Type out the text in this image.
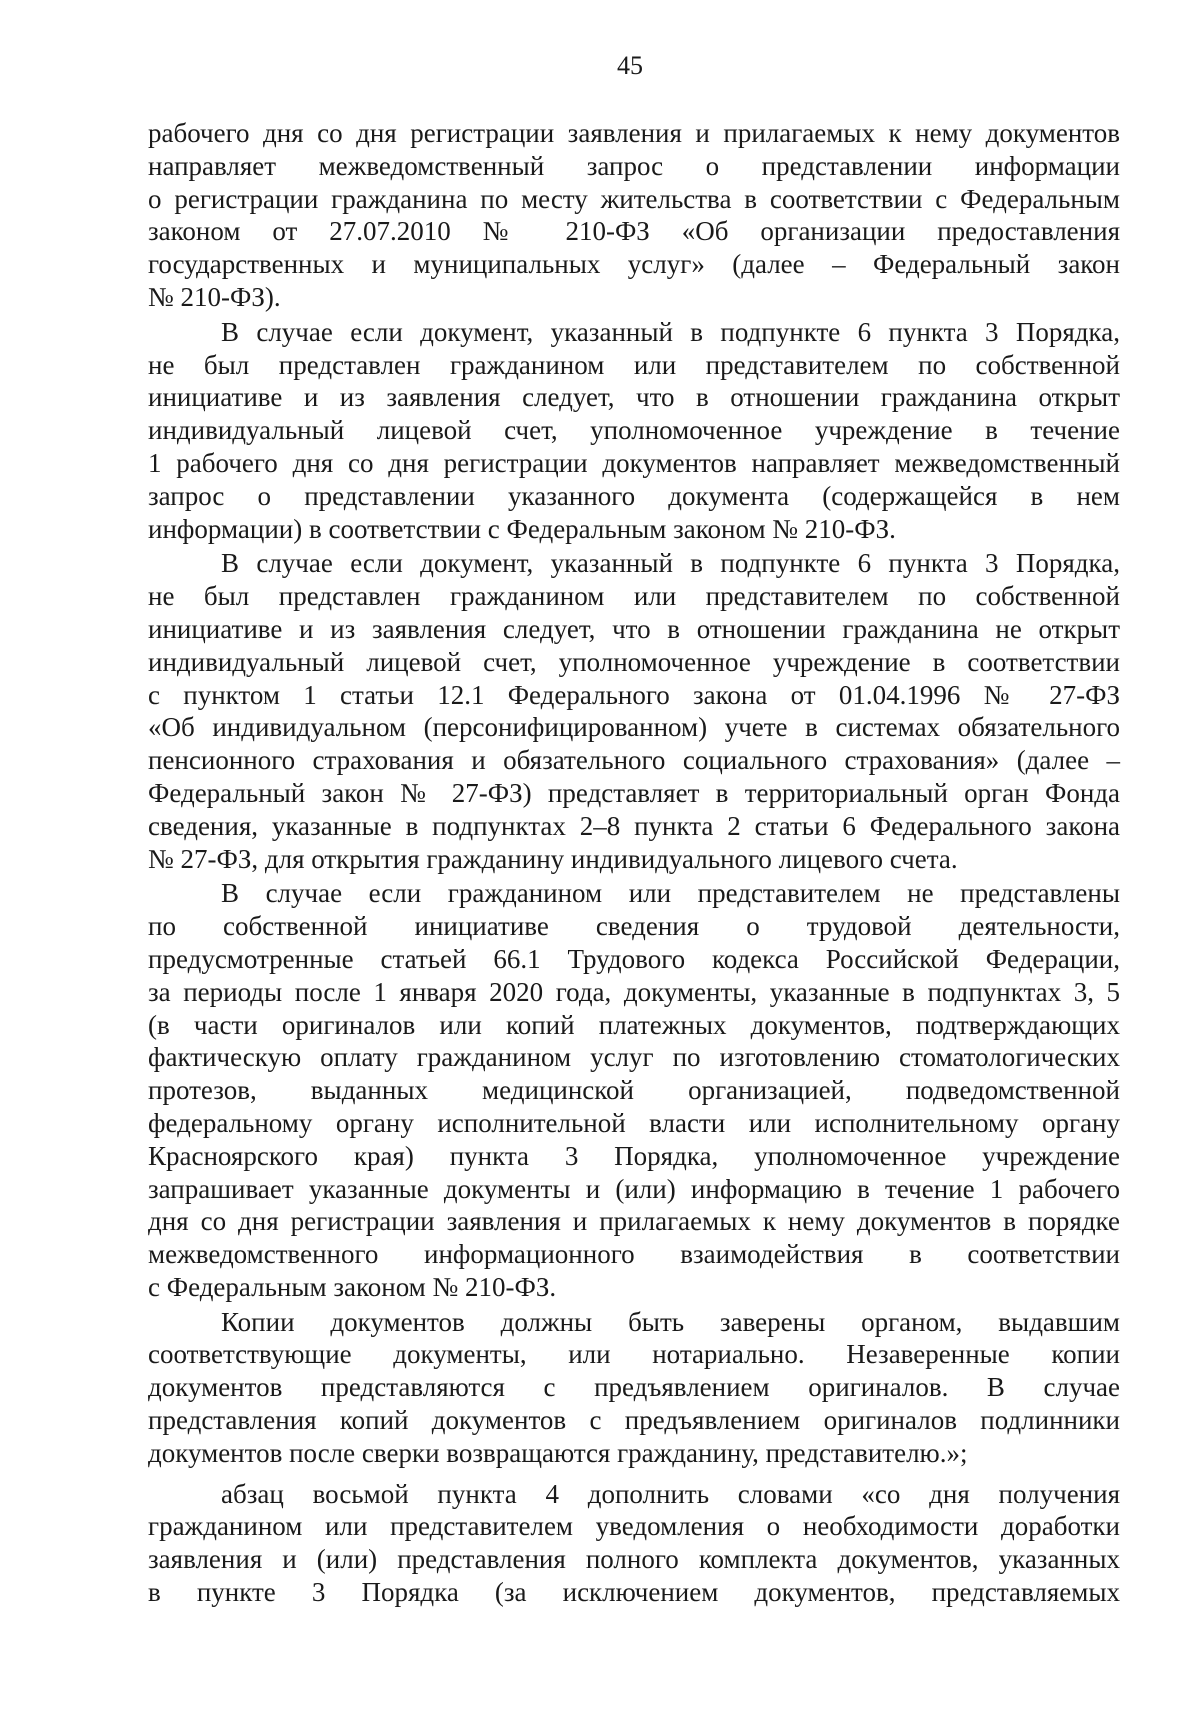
45
рабочего дня со дня регистрации заявления и прилагаемых к нему документов
направляет межведомственный запрос о представлении информации
о регистрации гражданина по месту жительства в соответствии с Федеральным
законом от 27.07.2010 № 210-ФЗ «Об организации предоставления
государственных и муниципальных услуг» (далее – Федеральный закон
№ 210-ФЗ).
В случае если документ, указанный в подпункте 6 пункта 3 Порядка,
не был представлен гражданином или представителем по собственной
инициативе и из заявления следует, что в отношении гражданина открыт
индивидуальный лицевой счет, уполномоченное учреждение в течение
1 рабочего дня со дня регистрации документов направляет межведомственный
запрос о представлении указанного документа (содержащейся в нем
информации) в соответствии с Федеральным законом № 210-ФЗ.
В случае если документ, указанный в подпункте 6 пункта 3 Порядка,
не был представлен гражданином или представителем по собственной
инициативе и из заявления следует, что в отношении гражданина не открыт
индивидуальный лицевой счет, уполномоченное учреждение в соответствии
с пунктом 1 статьи 12.1 Федерального закона от 01.04.1996 № 27-ФЗ
«Об индивидуальном (персонифицированном) учете в системах обязательного
пенсионного страхования и обязательного социального страхования» (далее –
Федеральный закон № 27-ФЗ) представляет в территориальный орган Фонда
сведения, указанные в подпунктах 2–8 пункта 2 статьи 6 Федерального закона
№ 27-ФЗ, для открытия гражданину индивидуального лицевого счета.
В случае если гражданином или представителем не представлены
по собственной инициативе сведения о трудовой деятельности,
предусмотренные статьей 66.1 Трудового кодекса Российской Федерации,
за периоды после 1 января 2020 года, документы, указанные в подпунктах 3, 5
(в части оригиналов или копий платежных документов, подтверждающих
фактическую оплату гражданином услуг по изготовлению стоматологических
протезов, выданных медицинской организацией, подведомственной
федеральному органу исполнительной власти или исполнительному органу
Красноярского края) пункта 3 Порядка, уполномоченное учреждение
запрашивает указанные документы и (или) информацию в течение 1 рабочего
дня со дня регистрации заявления и прилагаемых к нему документов в порядке
межведомственного информационного взаимодействия в соответствии
с Федеральным законом № 210-ФЗ.
Копии документов должны быть заверены органом, выдавшим
соответствующие документы, или нотариально. Незаверенные копии
документов представляются с предъявлением оригиналов. В случае
представления копий документов с предъявлением оригиналов подлинники
документов после сверки возвращаются гражданину, представителю.»;
абзац восьмой пункта 4 дополнить словами «со дня получения
гражданином или представителем уведомления о необходимости доработки
заявления и (или) представления полного комплекта документов, указанных
в пункте 3 Порядка (за исключением документов, представляемых
